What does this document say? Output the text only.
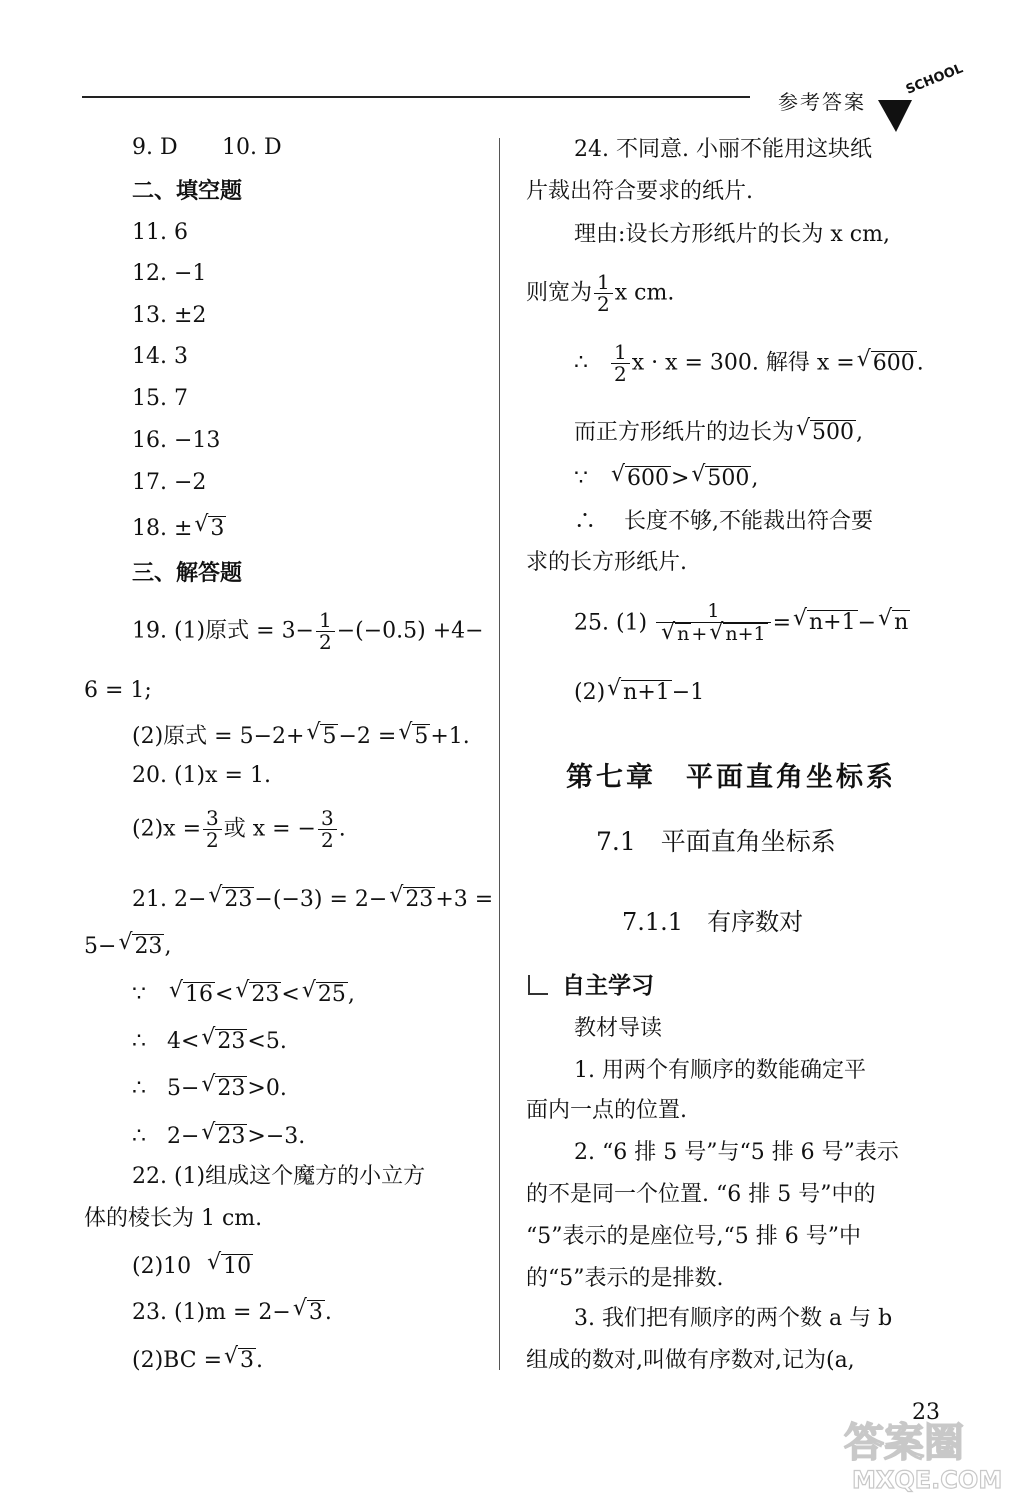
参考答案
SCHOOL
9. D 10. D
二、填空题
11. 6
12. −1
13. ±2
14. 3
15. 7
16. −13
17. −2
18. ± √ 3
三、解答题
19. (1)原式 = $3- \frac{1}{2} -(-0.5) +4-$
6 = 1;
(2)原式 = 5−2+ √ 5−2 = √ 5+1.
20. (1)x = 1.
$(2)x = \frac{3}{2}$ 或 x = − $\frac{3}{2}$ .
21. 2− √ 23−(−3) = 2− √ 23+3 =
5− √ 23,
∵ √ 16< √ 23< √ 25,
∴ 4< √ 23<5.
∴ 5− √ 23>0.
∴ 2− √ 23>−3.
22. (1)组成这个魔方的小立方
体的棱长为 1 cm.
(2)10 √ 10
23. (1)m = 2− √ 3.
(2)BC = √ 3.
24. 不同意. 小丽不能用这块纸
片裁出符合要求的纸片.
理由:设长方形纸片的长为 x cm,
则宽为 $\frac{1}{2}$ x cm.
∴ $\frac{1}{2}$ x · x = 300. 解得 x = √ 600.
而正方形纸片的边长为 √ 500,
∵ √ 600> √ 500,
∴ 长度不够,不能裁出符合要
求的长方形纸片.
25. (1) 1
√ n + √ n+1 = √ n+1− √ n
(2) √ n+1−1
第七章　平面直角坐标系
7.1　平面直角坐标系
7.1.1　有序数对
自主学习
教材导读
1. 用两个有顺序的数能确定平
面内一点的位置.
2. “6 排 5 号”与“5 排 6 号”表示
的不是同一个位置. “6 排 5 号”中的
“5”表示的是座位号,“5 排 6 号”中
的“5”表示的是排数.
3. 我们把有顺序的两个数 a 与 b
组成的数对,叫做有序数对,记为(a,
23
答案圈
MXQE.COM
